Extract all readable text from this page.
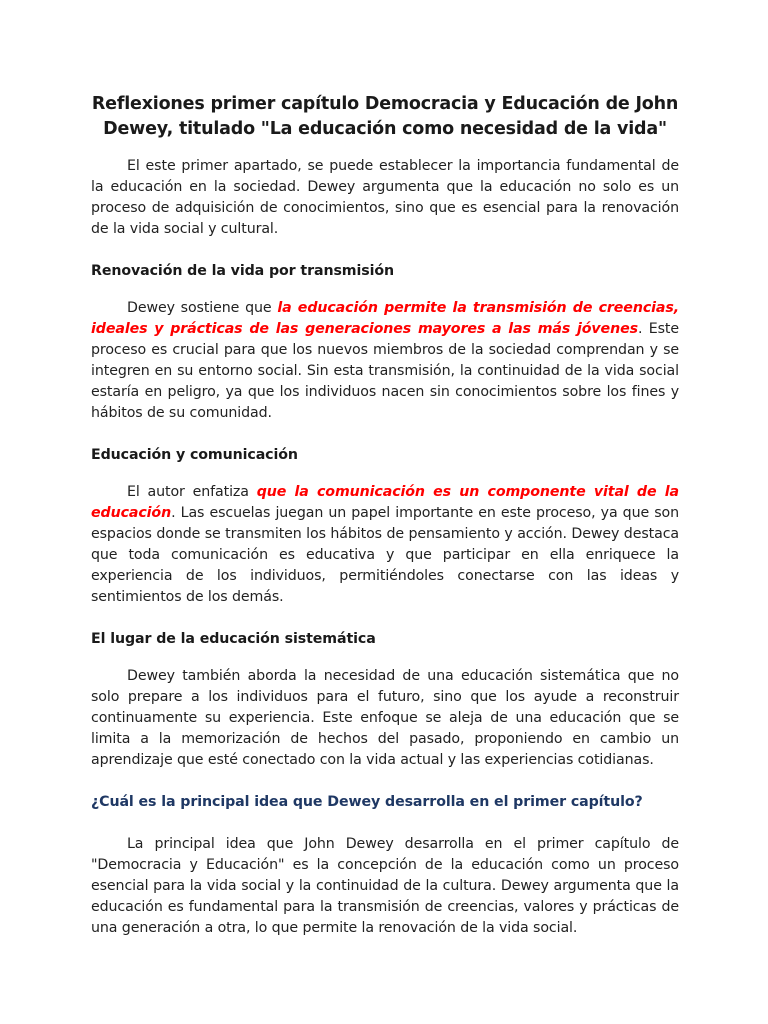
Reflexiones primer capítulo Democracia y Educación de John Dewey, titulado "La educación como necesidad de la vida"

El este primer apartado, se puede establecer la importancia fundamental de la educación en la sociedad. Dewey argumenta que la educación no solo es un proceso de adquisición de conocimientos, sino que es esencial para la renovación de la vida social y cultural.

Renovación de la vida por transmisión

Dewey sostiene que la educación permite la transmisión de creencias, ideales y prácticas de las generaciones mayores a las más jóvenes. Este proceso es crucial para que los nuevos miembros de la sociedad comprendan y se integren en su entorno social. Sin esta transmisión, la continuidad de la vida social estaría en peligro, ya que los individuos nacen sin conocimientos sobre los fines y hábitos de su comunidad.

Educación y comunicación

El autor enfatiza que la comunicación es un componente vital de la educación. Las escuelas juegan un papel importante en este proceso, ya que son espacios donde se transmiten los hábitos de pensamiento y acción. Dewey destaca que toda comunicación es educativa y que participar en ella enriquece la experiencia de los individuos, permitiéndoles conectarse con las ideas y sentimientos de los demás.

El lugar de la educación sistemática

Dewey también aborda la necesidad de una educación sistemática que no solo prepare a los individuos para el futuro, sino que los ayude a reconstruir continuamente su experiencia. Este enfoque se aleja de una educación que se limita a la memorización de hechos del pasado, proponiendo en cambio un aprendizaje que esté conectado con la vida actual y las experiencias cotidianas.

¿Cuál es la principal idea que Dewey desarrolla en el primer capítulo?

La principal idea que John Dewey desarrolla en el primer capítulo de "Democracia y Educación" es la concepción de la educación como un proceso esencial para la vida social y la continuidad de la cultura. Dewey argumenta que la educación es fundamental para la transmisión de creencias, valores y prácticas de una generación a otra, lo que permite la renovación de la vida social.
